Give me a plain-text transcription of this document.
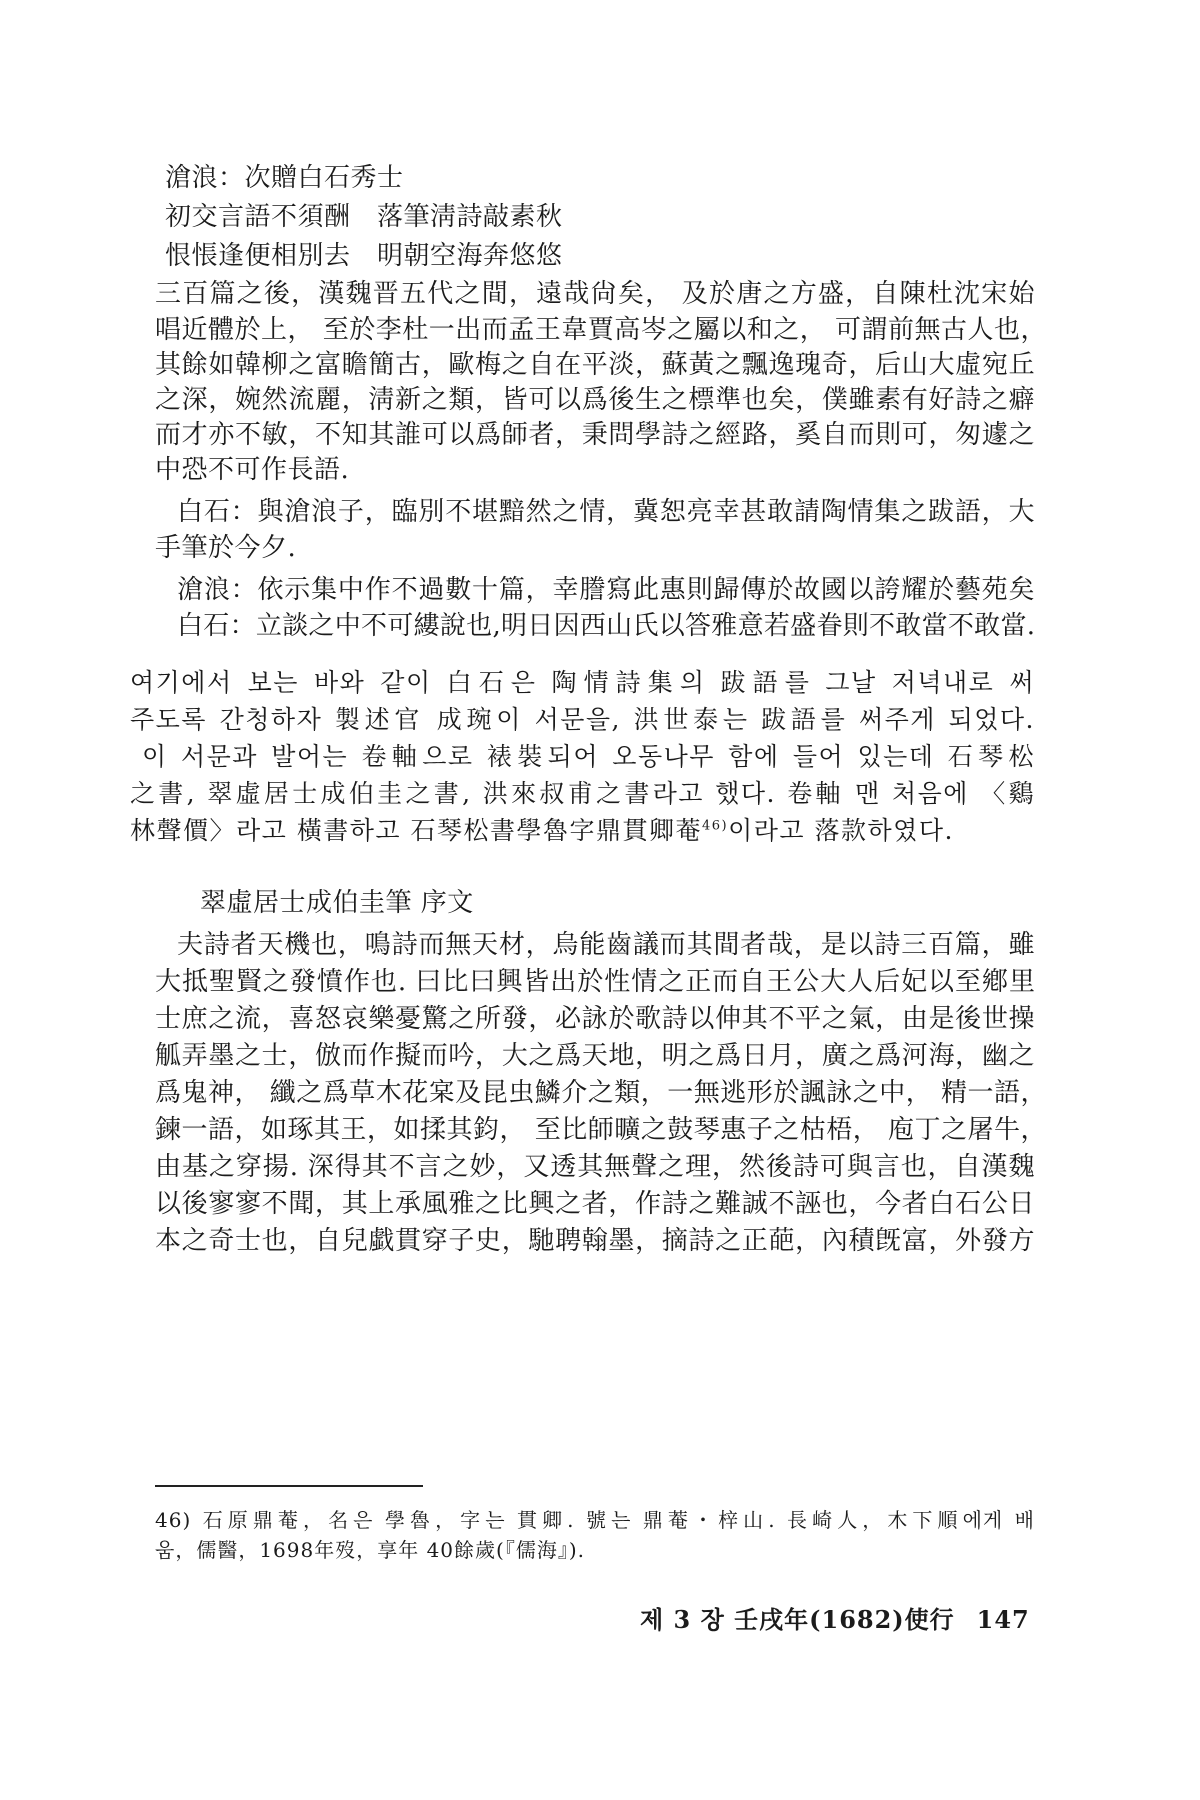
滄浪：次贈白石秀士
初交言語不須酬　落筆淸詩敲素秋
恨悵逢便相別去　明朝空海奔悠悠
三百篇之後，漢魏晋五代之間，遠哉尙矣， 及於唐之方盛，自陳杜沈宋始
唱近體於上， 至於李杜一出而孟王韋賈高岑之屬以和之， 可謂前無古人也，
其餘如韓柳之富瞻簡古，歐梅之自在平淡，蘇黃之飄逸瑰奇，后山大虛宛丘
之深，婉然流麗，淸新之類，皆可以爲後生之標準也矣，僕雖素有好詩之癖
而才亦不敏，不知其誰可以爲師者，秉問學詩之經路，奚自而則可，匆遽之
中恐不可作長語.
白石：與滄浪子，臨別不堪黯然之情，冀恕亮幸甚敢請陶情集之跋語，大
手筆於今夕.
滄浪：依示集中作不過數十篇，幸謄寫此惠則歸傳於故國以誇耀於藝苑矣
白石：立談之中不可縷說也,明日因西山氏以答雅意若盛眷則不敢當不敢當.
여기에서 보는 바와 같이 白石은 陶情詩集의 跋語를 그날 저녁내로 써
주도록 간청하자 製述官 成琬이 서문을, 洪世泰는 跋語를 써주게 되었다.
이 서문과 발어는 卷軸으로 裱裝되어 오동나무 함에 들어 있는데 石琴松
之書, 翠虛居士成伯圭之書, 洪來叔甫之書라고 했다. 卷軸 맨 처음에 〈鷄
林聲價〉라고 橫書하고 石琴松書學魯字鼎貫卿菴$^{46)}$이라고 落款하였다.
翠虛居士成伯圭筆 序文
夫詩者天機也，鳴詩而無天材，烏能齒議而其間者哉，是以詩三百篇，雖
大抵聖賢之發憤作也. 曰比曰興皆出於性情之正而自王公大人后妃以至鄕里
士庶之流，喜怒哀樂憂驚之所發，必詠於歌詩以伸其不平之氣，由是後世操
觚弄墨之士，倣而作擬而吟，大之爲天地，明之爲日月，廣之爲河海，幽之
爲鬼神， 纖之爲草木花宲及昆虫鱗介之類，一無逃形於諷詠之中， 精一語，
鍊一語，如琢其王，如揉其鈞， 至比師曠之鼓琴惠子之枯梧， 庖丁之屠牛，
由基之穿揚. 深得其不言之妙，又透其無聲之理，然後詩可與言也，自漢魏
以後寥寥不聞，其上承風雅之比興之者，作詩之難誠不誣也，今者白石公日
本之奇士也，自兒戱貫穿子史，馳聘翰墨，摘詩之正葩，內積旣富，外發方
46) 石原鼎菴，名은 學魯，字는 貫卿. 號는 鼎菴・梓山. 長崎人，木下順에게 배
움，儒醫，1698年歿，享年 40餘歲(『儒海』).
제 3 장 壬戌年(1682)使行 147
